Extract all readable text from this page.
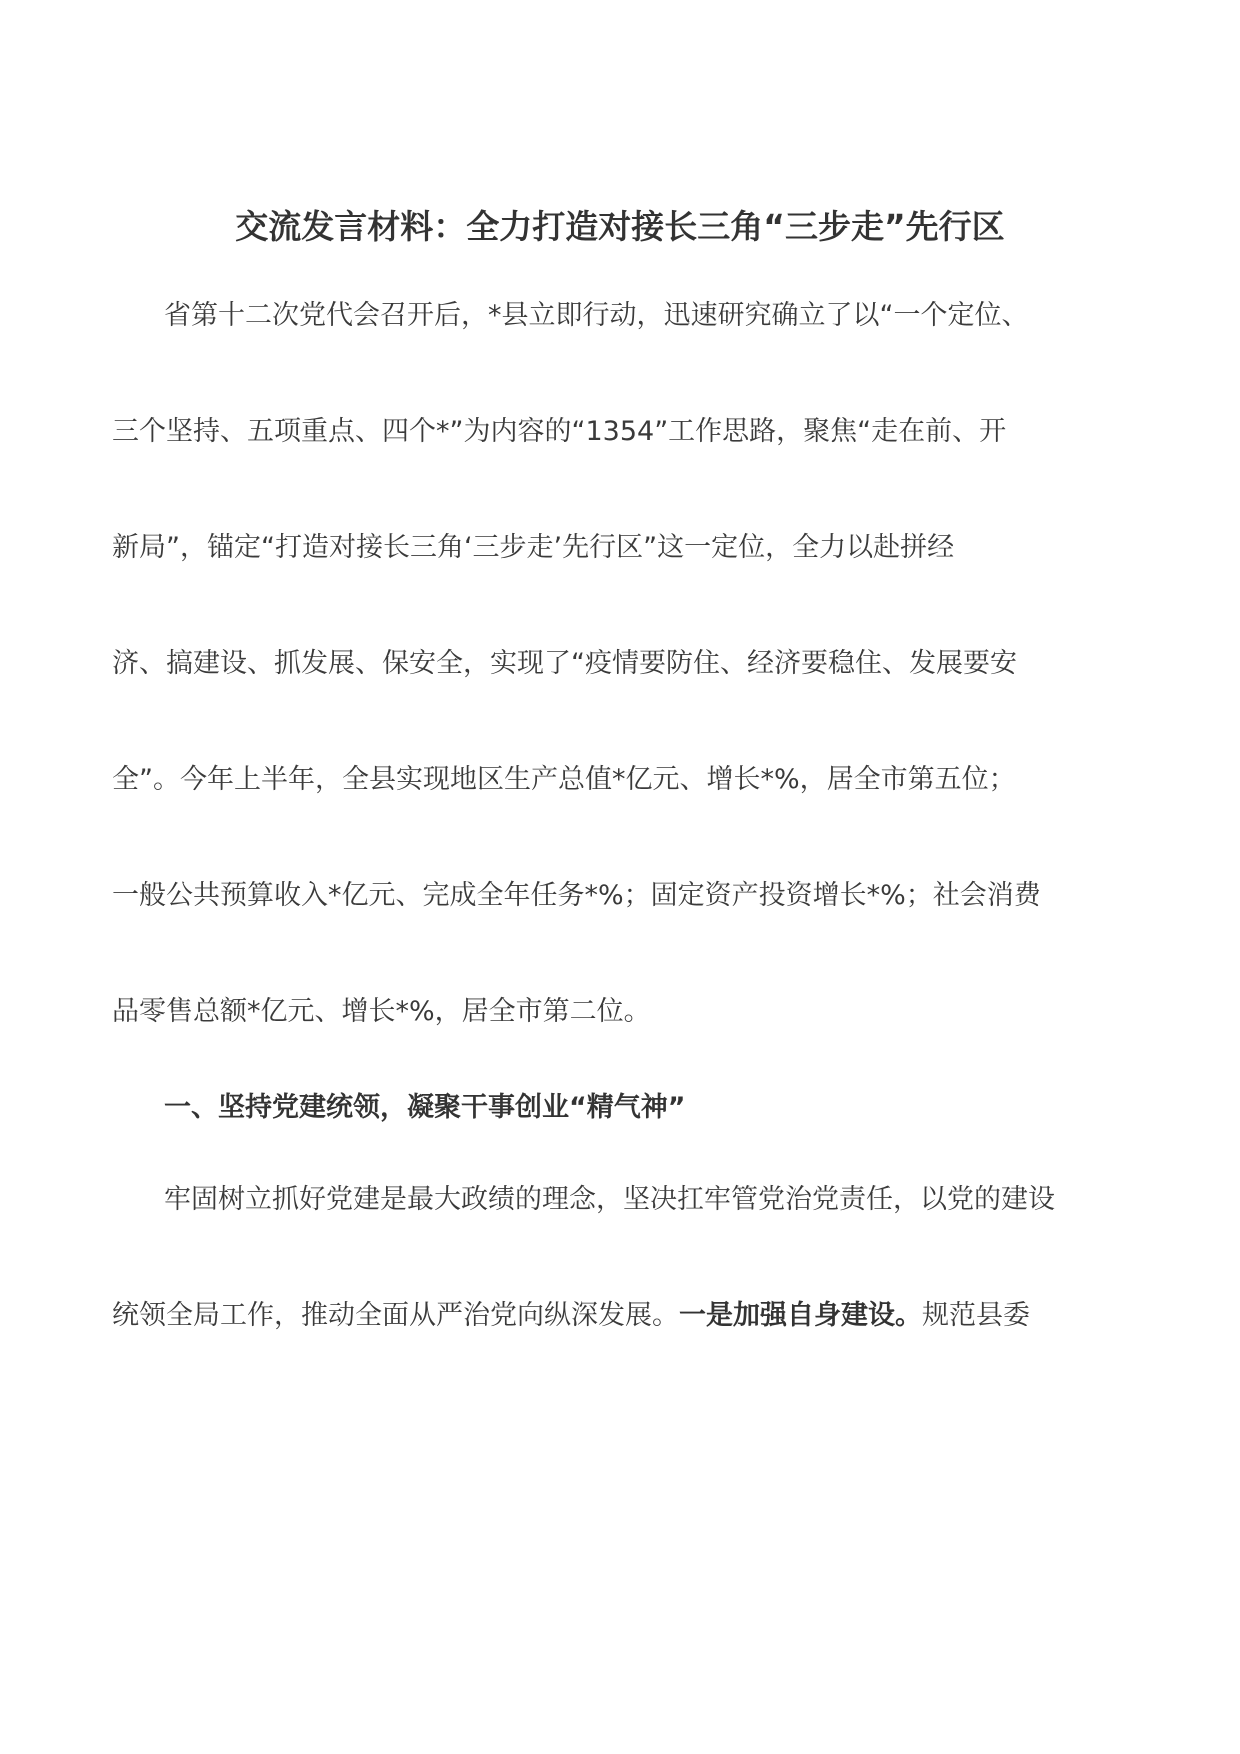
交流发言材料：全力打造对接长三角“三步走”先行区

省第十二次党代会召开后，*县立即行动，迅速研究确立了以“一个定位、

三个坚持、五项重点、四个*”为内容的“1354”工作思路，聚焦“走在前、开

新局”，锚定“打造对接长三角‘三步走’先行区”这一定位，全力以赴拼经

济、搞建设、抓发展、保安全，实现了“疫情要防住、经济要稳住、发展要安

全”。今年上半年，全县实现地区生产总值*亿元、增长*%，居全市第五位；

一般公共预算收入*亿元、完成全年任务*%；固定资产投资增长*%；社会消费

品零售总额*亿元、增长*%，居全市第二位。

一、坚持党建统领，凝聚干事创业“精气神”

牢固树立抓好党建是最大政绩的理念，坚决扛牢管党治党责任，以党的建设

统领全局工作，推动全面从严治党向纵深发展。一是加强自身建设。规范县委
